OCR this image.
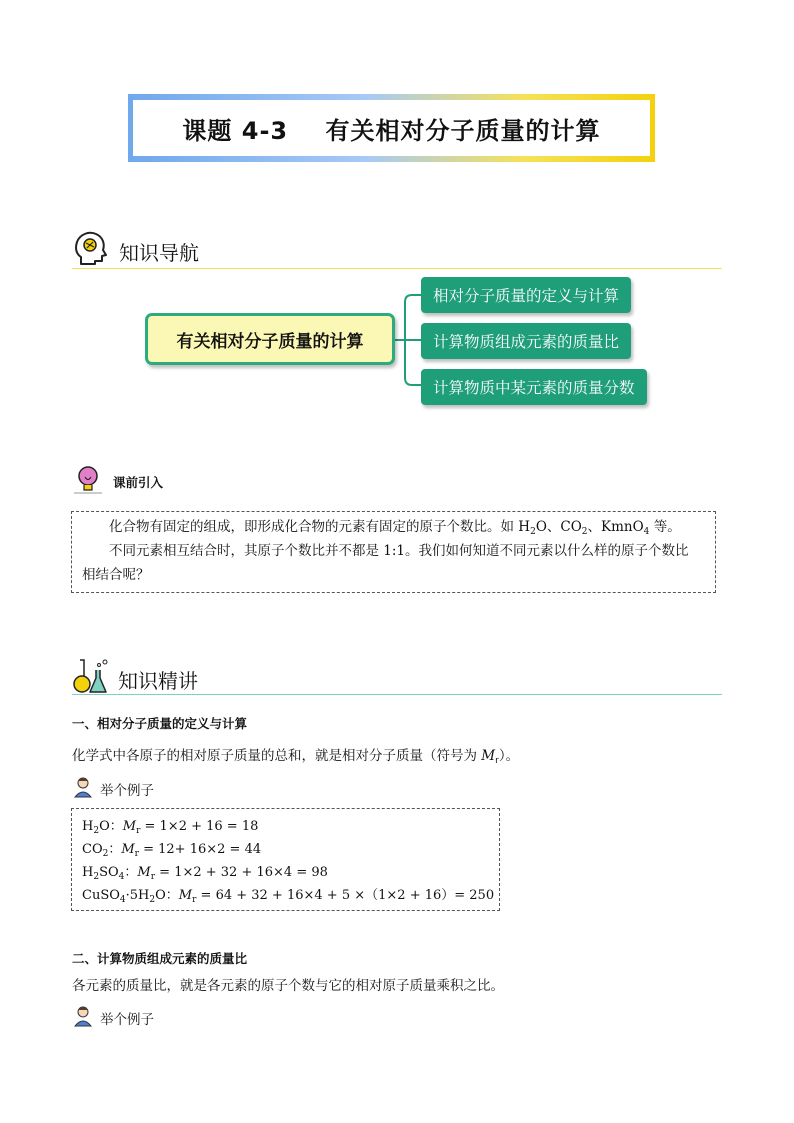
课题 4-3    有关相对分子质量的计算
知识导航
有关相对分子质量的计算
相对分子质量的定义与计算
计算物质组成元素的质量比
计算物质中某元素的质量分数
课前引入
化合物有固定的组成，即形成化合物的元素有固定的原子个数比。如 $H_2O$、$CO_2$、KmnO$_4$ 等。
不同元素相互结合时，其原子个数比并不都是 1:1。我们如何知道不同元素以什么样的原子个数比
相结合呢？
知识精讲
一、相对分子质量的定义与计算
化学式中各原子的相对原子质量的总和，就是相对分子质量（符号为 $M_r$）。
举个例子
$H_2O$：$M_r = 1\times 2 + 16 = 18$
$CO_2$：$M_r = 12+ 16\times 2 = 44$
$H_2SO_4$：$M_r = 1\times 2 + 32 + 16\times 4 = 98$
$CuSO_4\cdot 5H_2O$：$M_r = 64 + 32 + 16\times 4 + 5 \times(1\times 2 + 16)= 250$
二、计算物质组成元素的质量比
各元素的质量比，就是各元素的原子个数与它的相对原子质量乘积之比。
举个例子
